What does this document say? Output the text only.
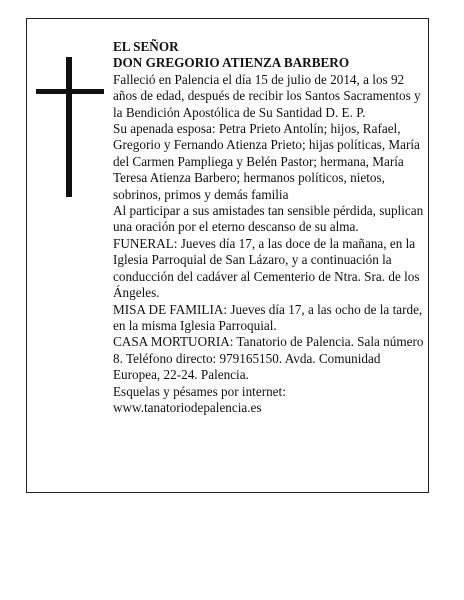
EL SEÑOR

DON GREGORIO ATIENZA BARBERO

Falleció en Palencia el día 15 de julio de 2014, a los 92 años de edad, después de recibir los Santos Sacramentos y la Bendición Apostólica de Su Santidad D. E. P.

Su apenada esposa: Petra Prieto Antolín; hijos, Rafael, Gregorio y Fernando Atienza Prieto; hijas políticas, María del Carmen Pampliega y Belén Pastor; hermana, María Teresa Atienza Barbero; hermanos políticos, nietos, sobrinos, primos y demás familia

Al participar a sus amistades tan sensible pérdida, suplican una oración por el eterno descanso de su alma.

FUNERAL: Jueves día 17, a las doce de la mañana, en la Iglesia Parroquial de San Lázaro, y a continuación la conducción del cadáver al Cementerio de Ntra. Sra. de los Ángeles.

MISA DE FAMILIA: Jueves día 17, a las ocho de la tarde, en la misma Iglesia Parroquial.

CASA MORTUORIA: Tanatorio de Palencia. Sala número 8. Teléfono directo: 979165150. Avda. Comunidad Europea, 22-24. Palencia.

Esquelas y pésames por internet: www.tanatoriodepalencia.es
